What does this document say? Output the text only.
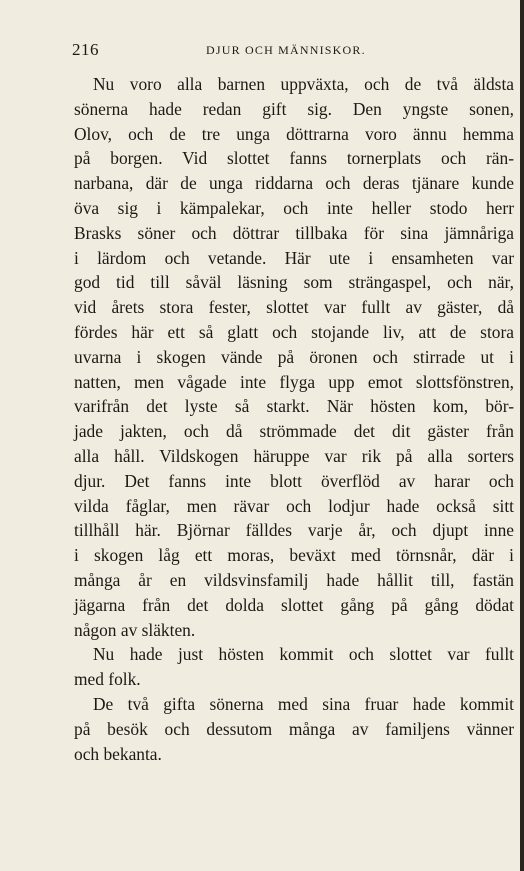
216	DJUR OCH MÄNNISKOR.
Nu voro alla barnen uppväxta, och de två äldsta
sönerna hade redan gift sig. Den yngste sonen,
Olov, och de tre unga döttrarna voro ännu hemma
på borgen. Vid slottet fanns tornerplats och rän-
narbana, där de unga riddarna och deras tjänare kunde
öva sig i kämpalekar, och inte heller stodo herr
Brasks söner och döttrar tillbaka för sina jämnåriga
i lärdom och vetande. Här ute i ensamheten var
god tid till såväl läsning som strängaspel, och när,
vid årets stora fester, slottet var fullt av gäster, då
fördes här ett så glatt och stojande liv, att de stora
uvarna i skogen vände på öronen och stirrade ut i
natten, men vågade inte flyga upp emot slottsfönstren,
varifrån det lyste så starkt. När hösten kom, bör-
jade jakten, och då strömmade det dit gäster från
alla håll. Vildskogen häruppe var rik på alla sorters
djur. Det fanns inte blott överflöd av harar och
vilda fåglar, men rävar och lodjur hade också sitt
tillhåll här. Björnar fälldes varje år, och djupt inne
i skogen låg ett moras, beväxt med törnsnår, där i
många år en vildsvinsfamilj hade hållit till, fastän
jägarna från det dolda slottet gång på gång dödat
någon av släkten.
Nu hade just hösten kommit och slottet var fullt
med folk.
De två gifta sönerna med sina fruar hade kommit
på besök och dessutom många av familjens vänner
och bekanta.
